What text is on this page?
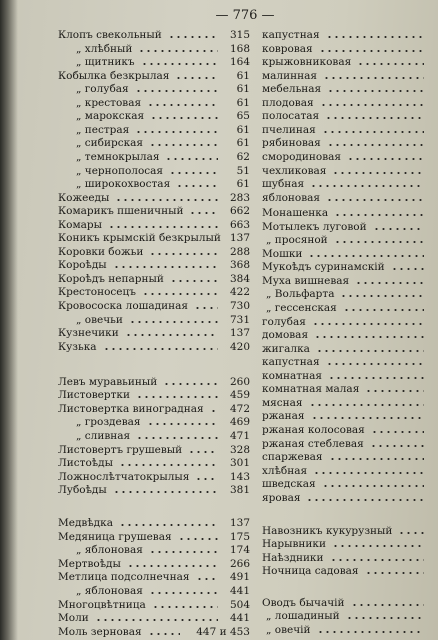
— 776 —
Клопъ свекольный	315
„ хлѣбный	168
„ щитникъ	164
Кобылка безкрылая	61
„ голубая	61
„ крестовая	61
„ марокская	65
„ пестрая	61
„ сибирская	61
„ темнокрылая	62
„ чернополосая	51
„ широкохвостая	61
Кожееды	283
Комарикъ пшеничный	662
Комары	663
Коникъ крымскій безкрылый 137
Коровки божьи	288
Короѣды	368
Короѣдъ непарный	384
Крестоносецъ	422
Кровососка лошадиная	730
„ овечьи	731
Кузнечики	137
Кузька	420
Левъ муравьиный	260
Листовертки	459
Листовертка виноградная	472
„ гроздевая	469
„ сливная	471
Листовертъ грушевый	328
Листоѣды	301
Ложнослѣтчатокрылыя	143
Лубоѣды	381
Медвѣдка	137
Медяница грушевая	175
„ яблоновая	174
Мертвоѣды	266
Метлица подсолнечная	491
„ яблоновая	441
Многоцвѣтница	504
Моли	441
Моль зерновая	447 и 453
капустная
ковровая
крыжовниковая
малинная
мебельная
плодовая
полосатая
пчелиная
рябиновая
смородиновая
чехликовая
шубная
яблоновая
Монашенка
Мотылекъ луговой
„ просяной
Мошки
Мукоѣдъ суринамскій
Муха вишневая
„ Вольфарта
„ гессенская
голубая
домовая
жигалка
капустная
комнатная
комнатная малая
мясная
ржаная
ржаная колосовая
ржаная стеблевая
спаржевая
хлѣбная
шведская
яровая
Навозникъ кукурузный
Нарывники
Наѣздники
Ночница садовая
Оводъ бычачій
„ лошадиный
„ овечій
